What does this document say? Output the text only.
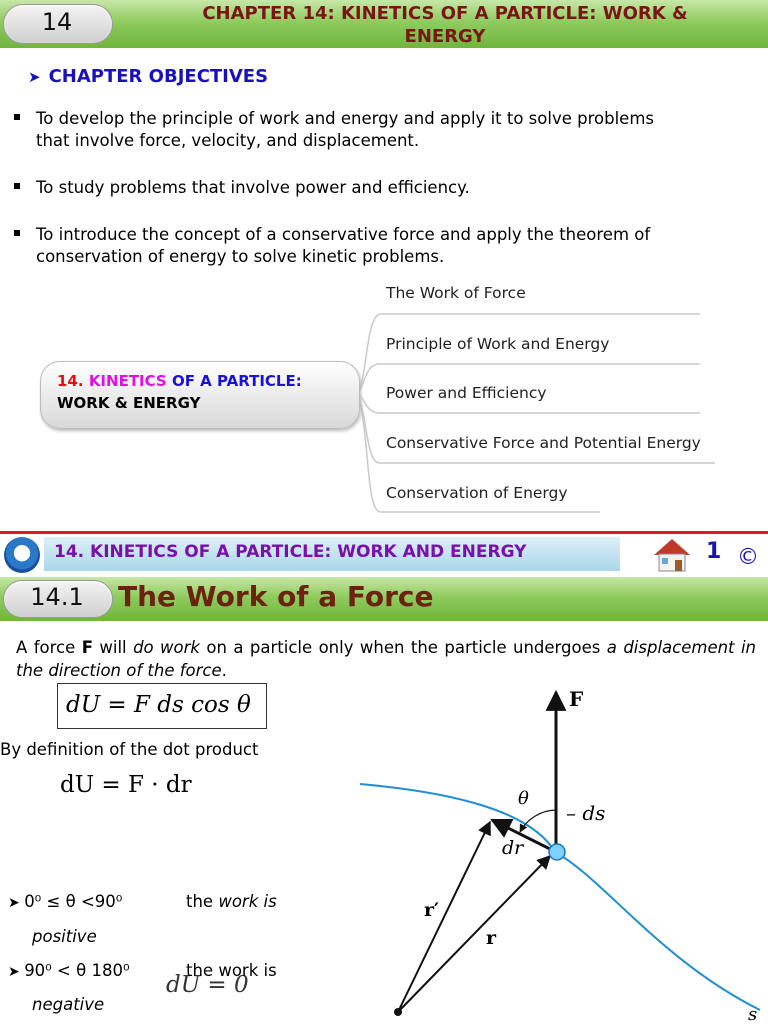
14	CHAPTER 14: KINETICS OF A PARTICLE: WORK &
ENERGY
➤ CHAPTER OBJECTIVES
To develop the principle of work and energy and apply it to solve problems
that involve force, velocity, and displacement.
To study problems that involve power and efficiency.
To introduce the concept of a conservative force and apply the theorem of
conservation of energy to solve kinetic problems.
14. KINETICS OF A PARTICLE:
WORK & ENERGY
The Work of Force
Principle of Work and Energy
Power and Efficiency
Conservative Force and Potential Energy
Conservation of Energy
14. KINETICS OF A PARTICLE: WORK AND ENERGY	1 ©
14.1	The Work of a Force
A force F will do work on a particle only when the particle undergoes a displacement in the direction of the force.
dU = F ds cos θ
By definition of the dot product
dU = F · dr
➤ 0⁰ ≤ θ <90⁰	the work is
positive
➤ 90⁰ < θ 180⁰
dU = 0
the work is
negative
F
θ
– ds
dr
r′
r
s
